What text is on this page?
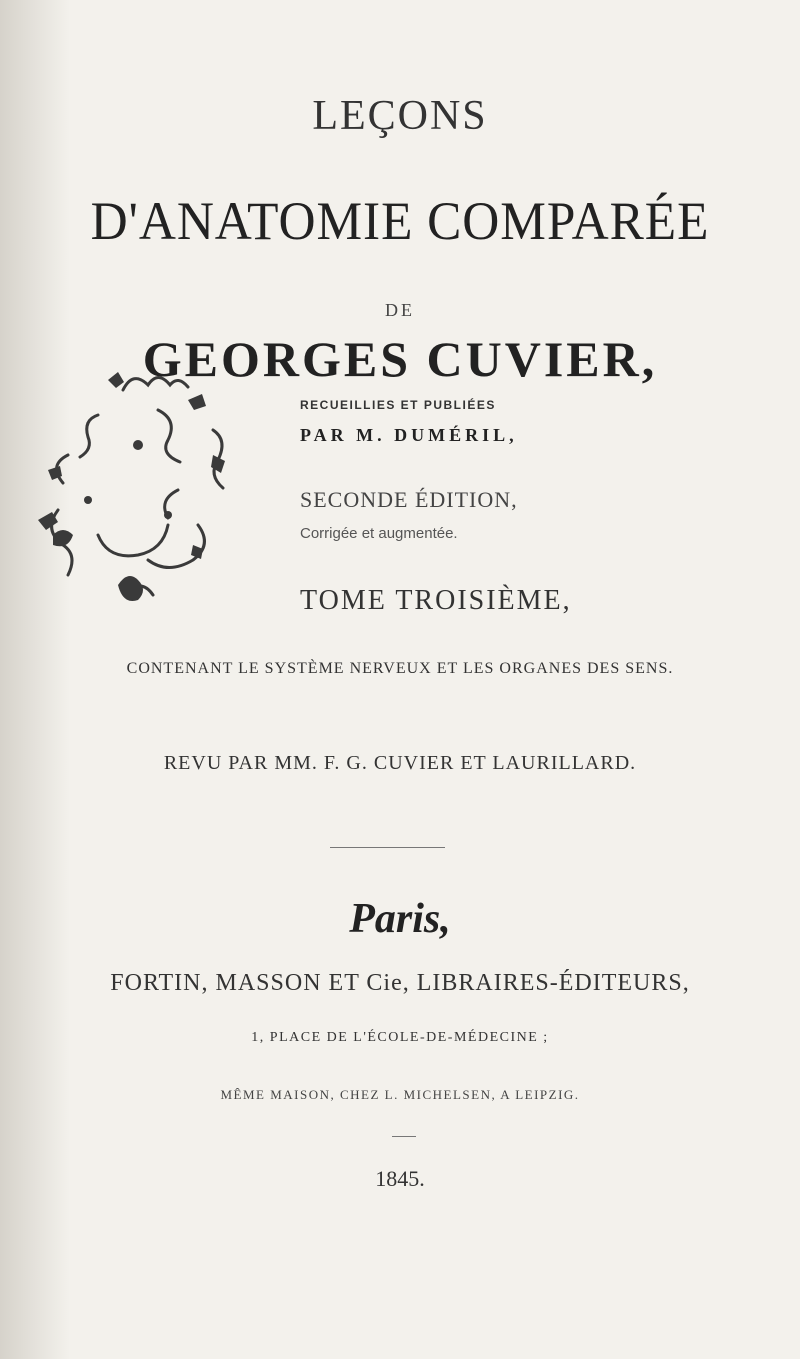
LEÇONS
D'ANATOMIE COMPARÉE
DE
GEORGES CUVIER,
RECUEILLIES ET PUBLIÉES
PAR M. DUMÉRIL,
SECONDE ÉDITION,
Corrigée et augmentée.
TOME TROISIÈME,
CONTENANT LE SYSTÈME NERVEUX ET LES ORGANES DES SENS.
REVU PAR MM. F. G. CUVIER ET LAURILLARD.
Paris,
FORTIN, MASSON ET Cie, LIBRAIRES-ÉDITEURS,
1, PLACE DE L'ÉCOLE-DE-MÉDECINE ;
MÊME MAISON, CHEZ L. MICHELSEN, A LEIPZIG.
1845.
